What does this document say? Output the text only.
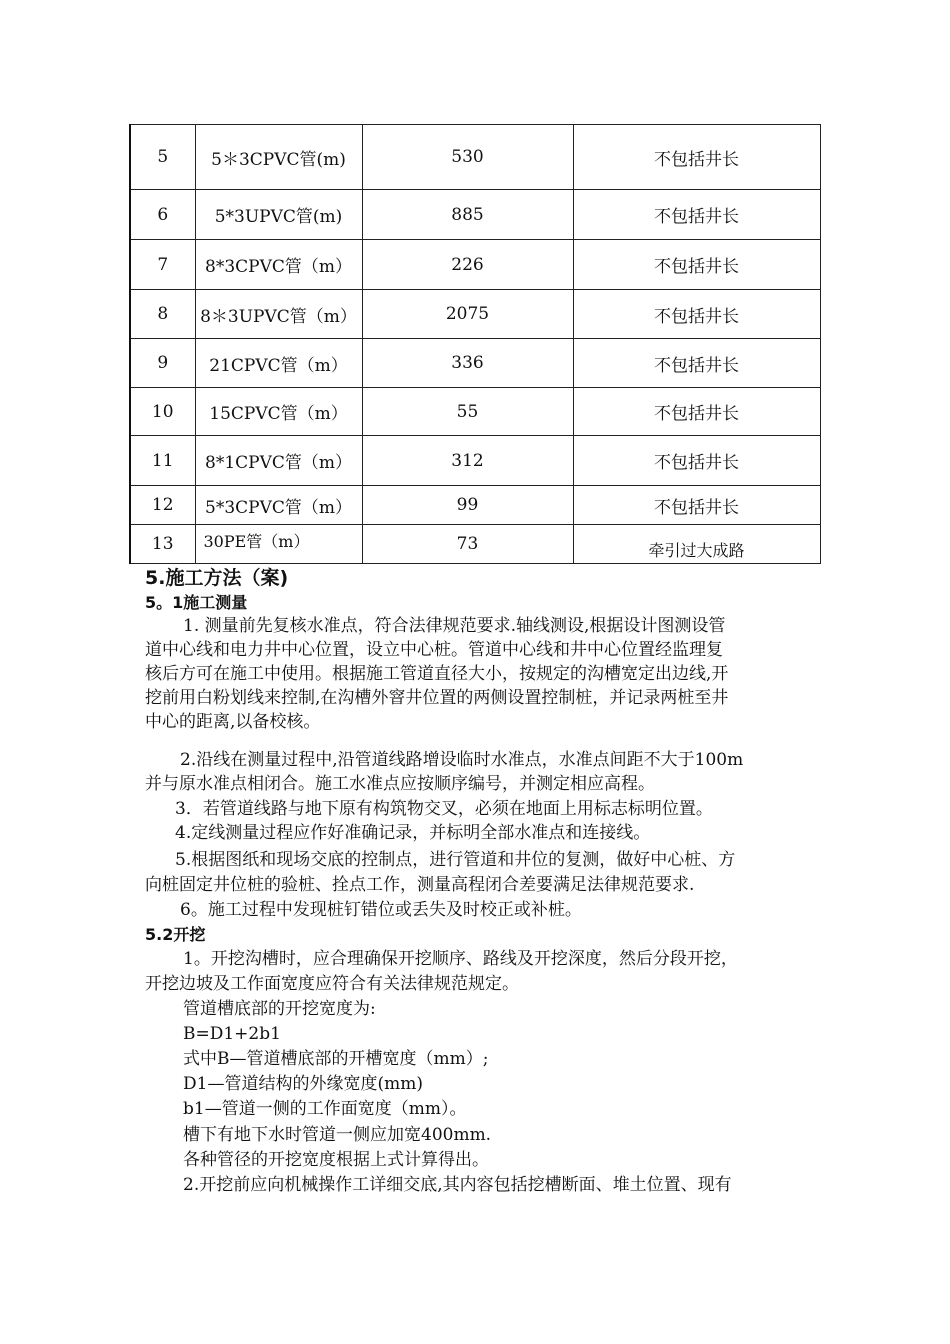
5	5＊3CPVC管(m)	530	不包括井长
6	5*3UPVC管(m)	885	不包括井长
7	8*3CPVC管（m）	226	不包括井长
8	8＊3UPVC管（m）	2075	不包括井长
9	21CPVC管（m）	336	不包括井长
10	15CPVC管（m）	55	不包括井长
11	8*1CPVC管（m）	312	不包括井长
12	5*3CPVC管（m）	99	不包括井长
13	30PE管（m）	73	牵引过大成路
5.施工方法（案)
5。1施工测量
1. 测量前先复核水准点，符合法律规范要求.轴线测设,根据设计图测设管
道中心线和电力井中心位置，设立中心桩。管道中心线和井中心位置经监理复
核后方可在施工中使用。根据施工管道直径大小，按规定的沟槽宽定出边线,开
挖前用白粉划线来控制,在沟槽外窨井位置的两侧设置控制桩，并记录两桩至井
中心的距离,以备校核。
2.沿线在测量过程中,沿管道线路增设临时水准点，水准点间距不大于100m
并与原水准点相闭合。施工水准点应按顺序编号，并测定相应高程。
3．若管道线路与地下原有构筑物交叉，必须在地面上用标志标明位置。
4.定线测量过程应作好准确记录，并标明全部水准点和连接线。
5.根据图纸和现场交底的控制点，进行管道和井位的复测，做好中心桩、方
向桩固定井位桩的验桩、拴点工作，测量高程闭合差要满足法律规范要求.
6。施工过程中发现桩钉错位或丢失及时校正或补桩。
5.2开挖
1。开挖沟槽时，应合理确保开挖顺序、路线及开挖深度，然后分段开挖，
开挖边坡及工作面宽度应符合有关法律规范规定。
管道槽底部的开挖宽度为:
B=D1+2b1
式中B—管道槽底部的开槽宽度（mm）;
D1—管道结构的外缘宽度(mm)
b1—管道一侧的工作面宽度（mm）。
槽下有地下水时管道一侧应加宽400mm.
各种管径的开挖宽度根据上式计算得出。
2.开挖前应向机械操作工详细交底,其内容包括挖槽断面、堆土位置、现有
